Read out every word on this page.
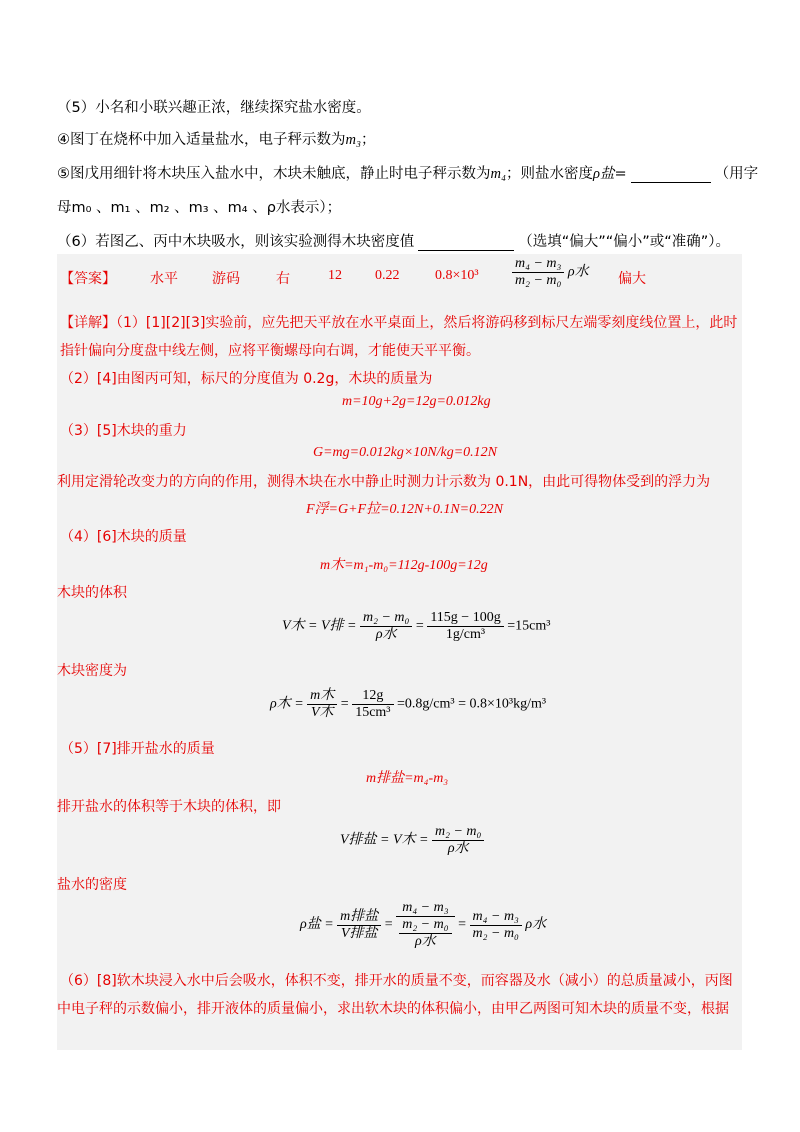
（5）小名和小联兴趣正浓，继续探究盐水密度。
④图丁在烧杯中加入适量盐水，电子秤示数为m₃；
⑤图戊用细针将木块压入盐水中，木块未触底，静止时电子秤示数为m₄；则盐水密度ρ盐=	（用字
母m₀ 、m₁ 、m₂ 、m₃ 、m₄ 、ρ水表示）；
（6）若图乙、丙中木块吸水，则该实验测得木块密度值	（选填“偏大”“偏小”或“准确”）。
【答案】 水平 游码	右	12 0.22	$0.8\times 10^3 \frac{\text{m₄ − m₃}}{\text{m₂ − m₀}}$ ρ水 偏大
【详解】（1）[1][2][3]实验前，应先把天平放在水平桌面上，然后将游码移到标尺左端零刻度线位置上，此时
指针偏向分度盘中线左侧，应将平衡螺母向右调，才能使天平平衡。
（2）[4]由图丙可知，标尺的分度值为 0.2g，木块的质量为
m=10g+2g=12g=0.012kg
（3）[5]木块的重力
G=mg=0.012kg×10N/kg=0.12N
利用定滑轮改变力的方向的作用，测得木块在水中静止时测力计示数为 0.1N，由此可得物体受到的浮力为
F浮=G+F拉=0.12N+0.1N=0.22N
（4）[6]木块的质量
m木=m₁-m₀=112g-100g=12g
木块的体积
V木 = V排 = $\frac{\text{m₂ − m₀}}{\text{ρ水}} = \frac{115g - 100g}{\text{1g/cm³}} =15cm^3$
木块密度为
ρ木 = $\frac{\text{m木}}{\text{V木}} = \frac{12g}{\text{15cm³}} =0.8g/cm^3 = 0.8\times 10^3kg/m^3$
（5）[7]排开盐水的质量
m排盐=m₄-m₃
排开盐水的体积等于木块的体积，即
V排盐 = V木 = $\frac{\text{m₂ − m₀}}{\text{ρ水}}$
盐水的密度
ρ盐 = $\frac{\text{m排盐}}{\text{V排盐}} = \frac{\text{m₄ − m₃}}{\frac{\text{m₂ − m₀}}{\text{ρ水}}} = \frac{\text{m₄ − m₃}}{\text{m₂ − m₀}}$ ρ水
（6）[8]软木块浸入水中后会吸水，体积不变，排开水的质量不变，而容器及水（减小）的总质量减小，丙图
中电子秤的示数偏小，排开液体的质量偏小，求出软木块的体积偏小，由甲乙两图可知木块的质量不变，根据
